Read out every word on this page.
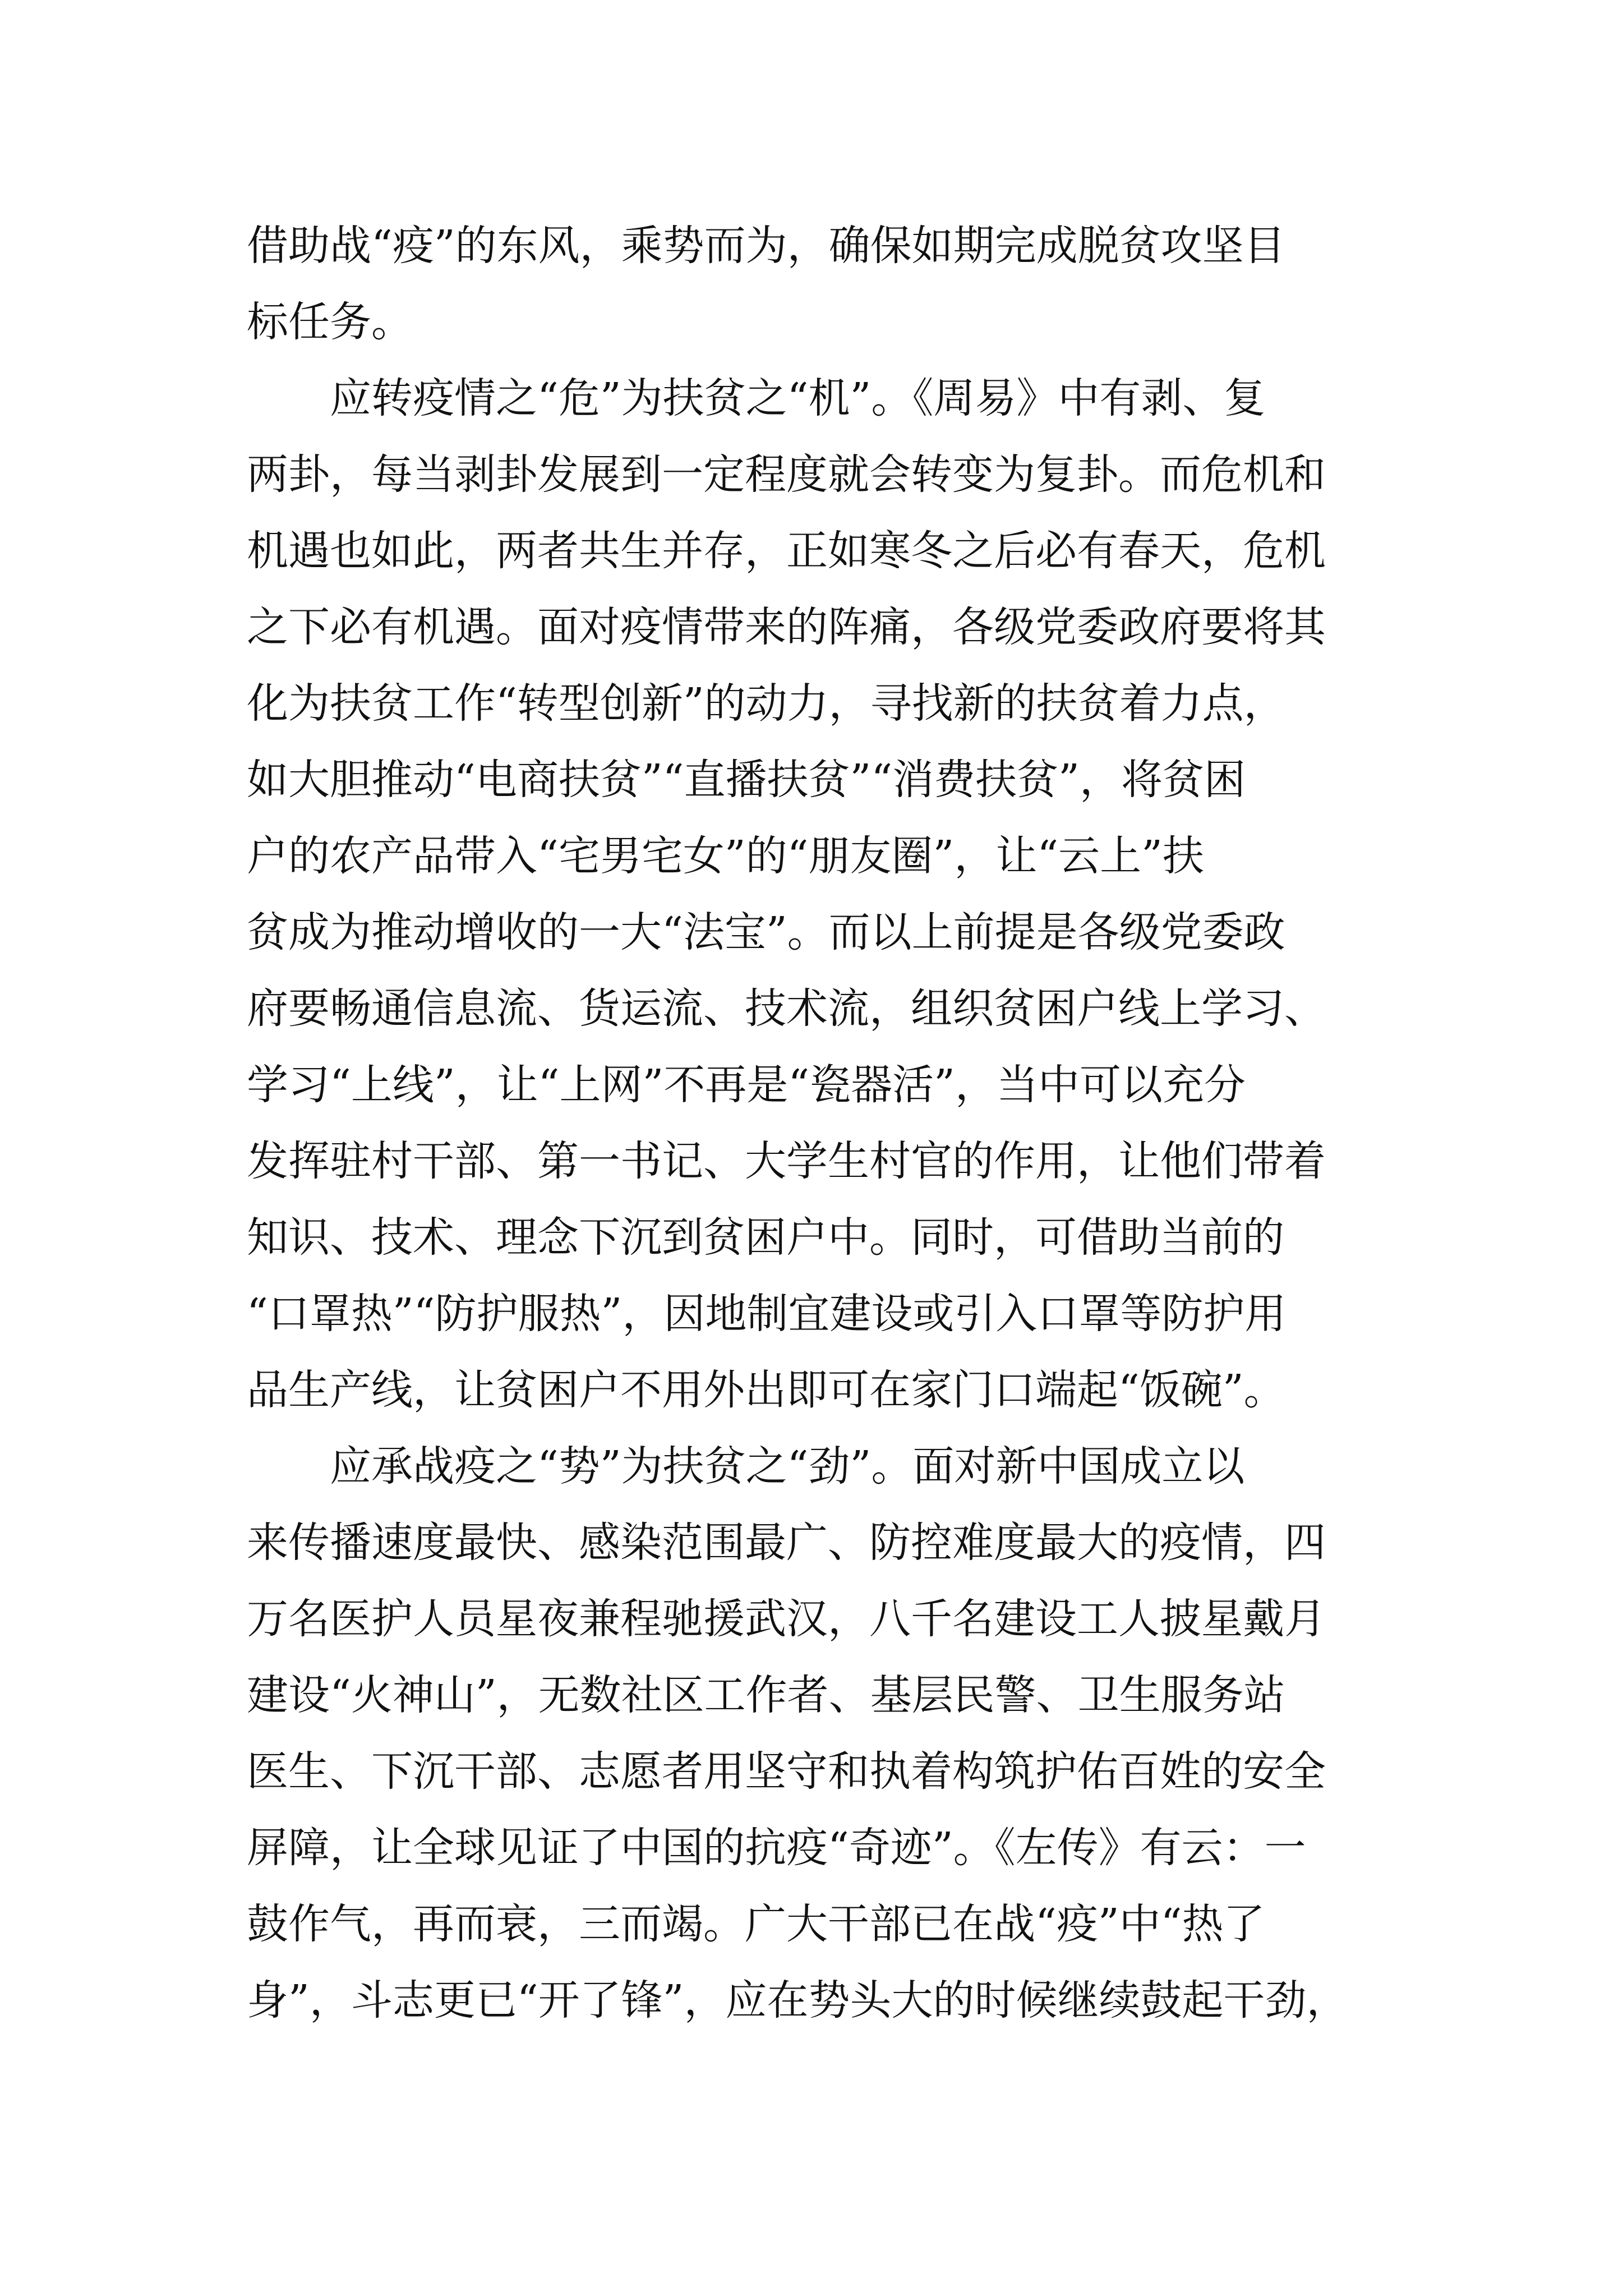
借助战“疫”的东风，乘势而为，确保如期完成脱贫攻坚目
标任务。
　　应转疫情之“危”为扶贫之“机”。《周易》中有剥、复
两卦，每当剥卦发展到一定程度就会转变为复卦。而危机和
机遇也如此，两者共生并存，正如寒冬之后必有春天，危机
之下必有机遇。面对疫情带来的阵痛，各级党委政府要将其
化为扶贫工作“转型创新”的动力，寻找新的扶贫着力点，
如大胆推动“电商扶贫”“直播扶贫”“消费扶贫”，将贫困
户的农产品带入“宅男宅女”的“朋友圈”，让“云上”扶
贫成为推动增收的一大“法宝”。而以上前提是各级党委政
府要畅通信息流、货运流、技术流，组织贫困户线上学习、
学习“上线”，让“上网”不再是“瓷器活”，当中可以充分
发挥驻村干部、第一书记、大学生村官的作用，让他们带着
知识、技术、理念下沉到贫困户中。同时，可借助当前的
“口罩热”“防护服热”，因地制宜建设或引入口罩等防护用
品生产线，让贫困户不用外出即可在家门口端起“饭碗”。
　　应承战疫之“势”为扶贫之“劲”。面对新中国成立以
来传播速度最快、感染范围最广、防控难度最大的疫情，四
万名医护人员星夜兼程驰援武汉，八千名建设工人披星戴月
建设“火神山”，无数社区工作者、基层民警、卫生服务站
医生、下沉干部、志愿者用坚守和执着构筑护佑百姓的安全
屏障，让全球见证了中国的抗疫“奇迹”。《左传》有云：一
鼓作气，再而衰，三而竭。广大干部已在战“疫”中“热了
身”，斗志更已“开了锋”，应在势头大的时候继续鼓起干劲，
